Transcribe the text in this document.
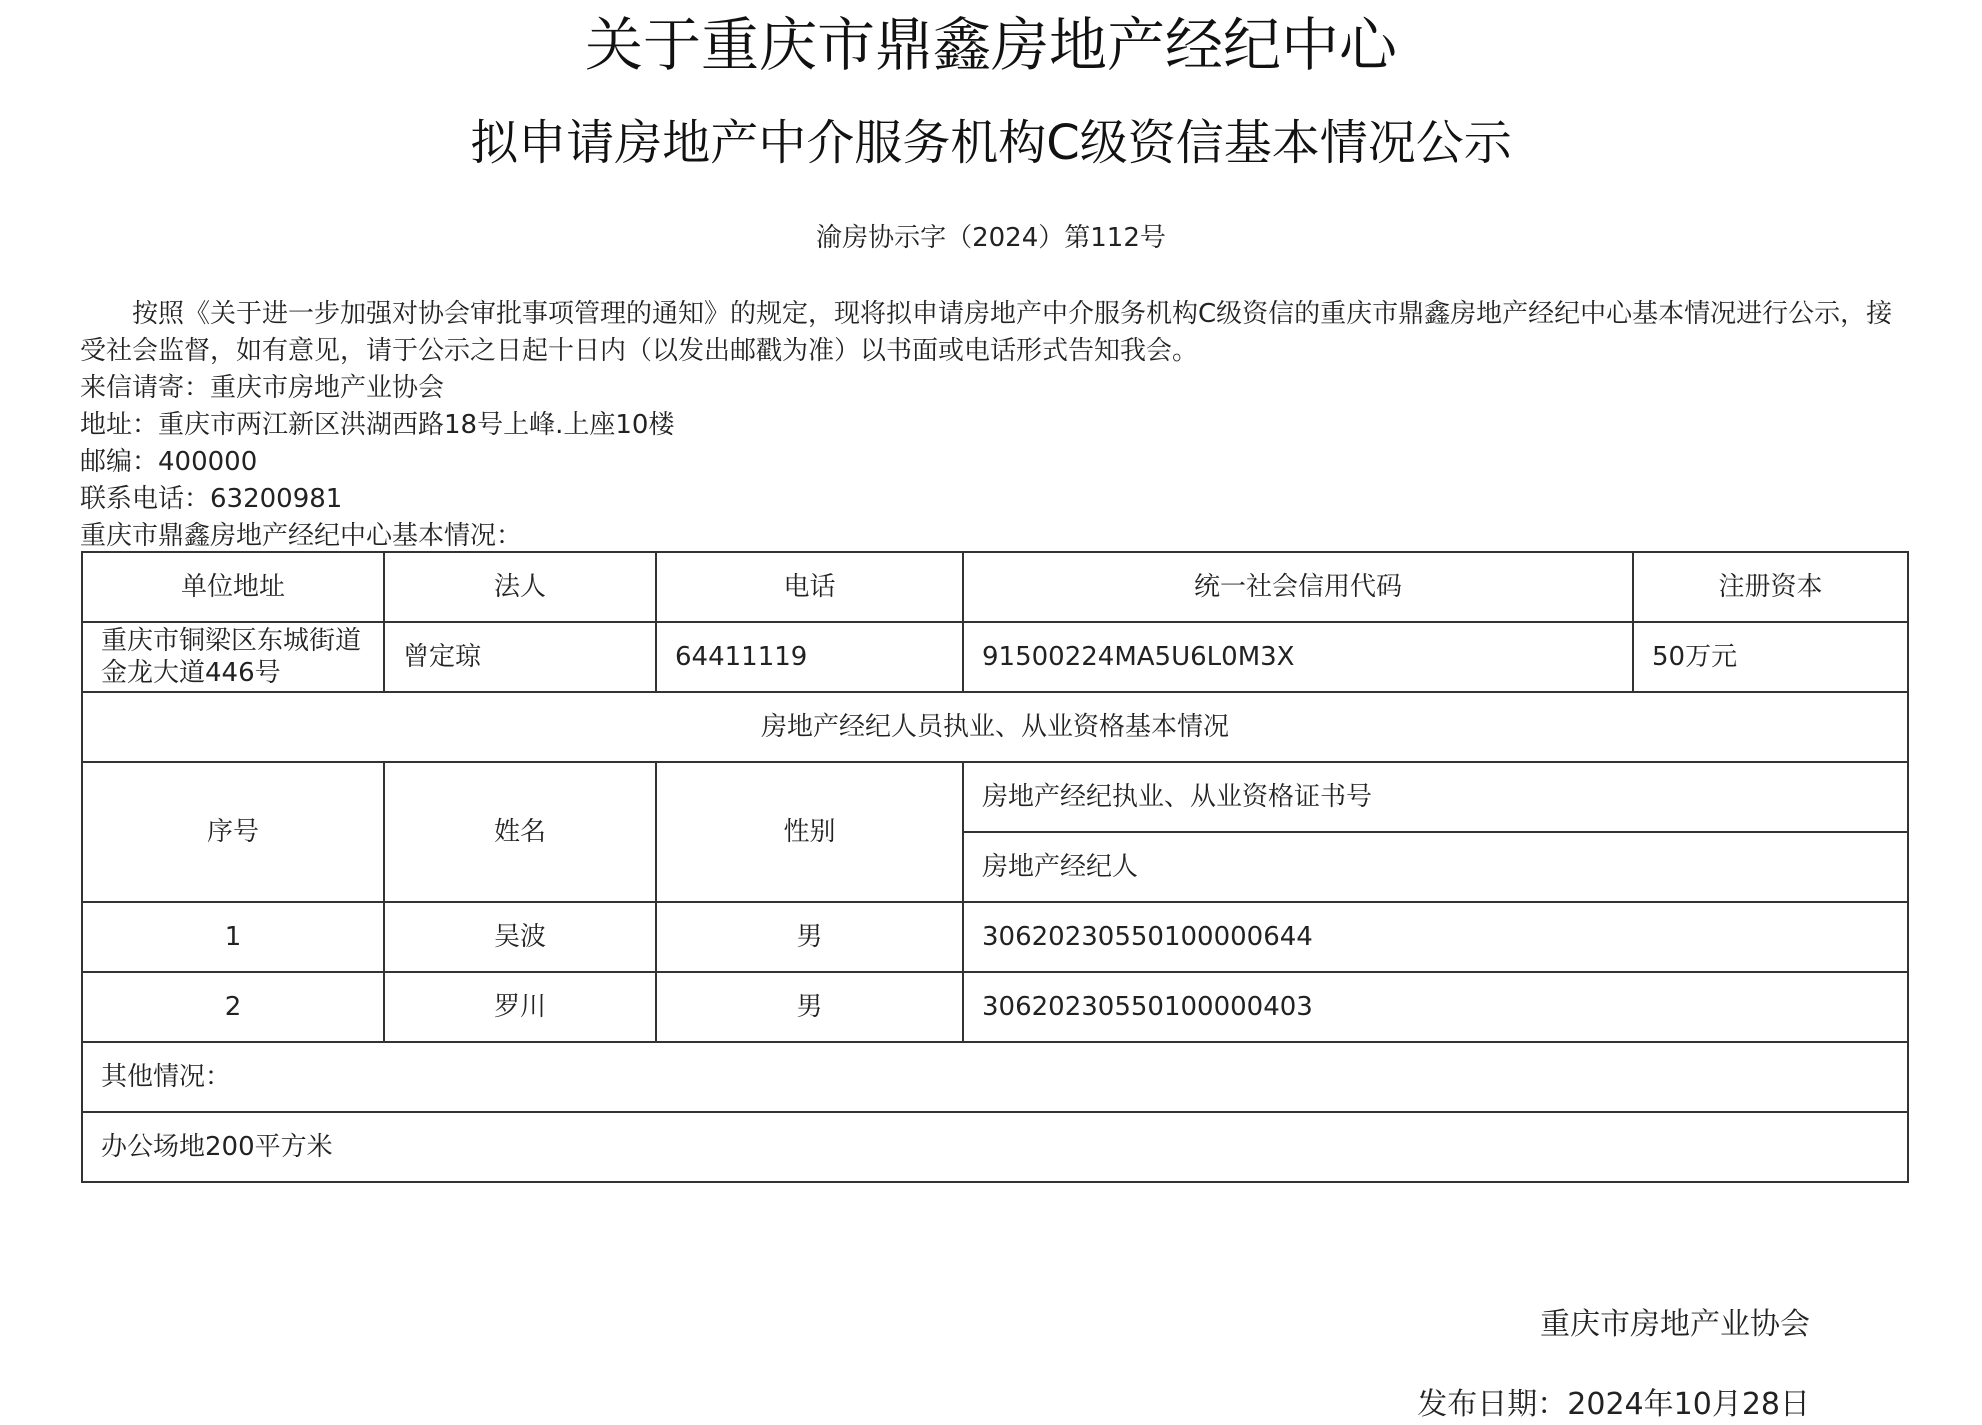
关于重庆市鼎鑫房地产经纪中心
拟申请房地产中介服务机构C级资信基本情况公示
渝房协示字（2024）第112号

按照《关于进一步加强对协会审批事项管理的通知》的规定，现将拟申请房地产中介服务机构C级资信的重庆市鼎鑫房地产经纪中心基本情况进行公示，接受社会监督，如有意见，请于公示之日起十日内（以发出邮戳为准）以书面或电话形式告知我会。

来信请寄：重庆市房地产业协会

地址：重庆市两江新区洪湖西路18号上峰.上座10楼

邮编：400000

联系电话：63200981

重庆市鼎鑫房地产经纪中心基本情况：

单位地址	法人	电话	统一社会信用代码	注册资本
重庆市铜梁区东城街道金龙大道446号	曾定琼	64411119	91500224MA5U6L0M3X	50万元
房地产经纪人员执业、从业资格基本情况				
序号	姓名	性别	房地产经纪执业、从业资格证书号	
			房地产经纪人	
1	吴波	男	30620230550100000644	
2	罗川	男	30620230550100000403	
其他情况：				
办公场地200平方米				
重庆市房地产业协会
发布日期：2024年10月28日
